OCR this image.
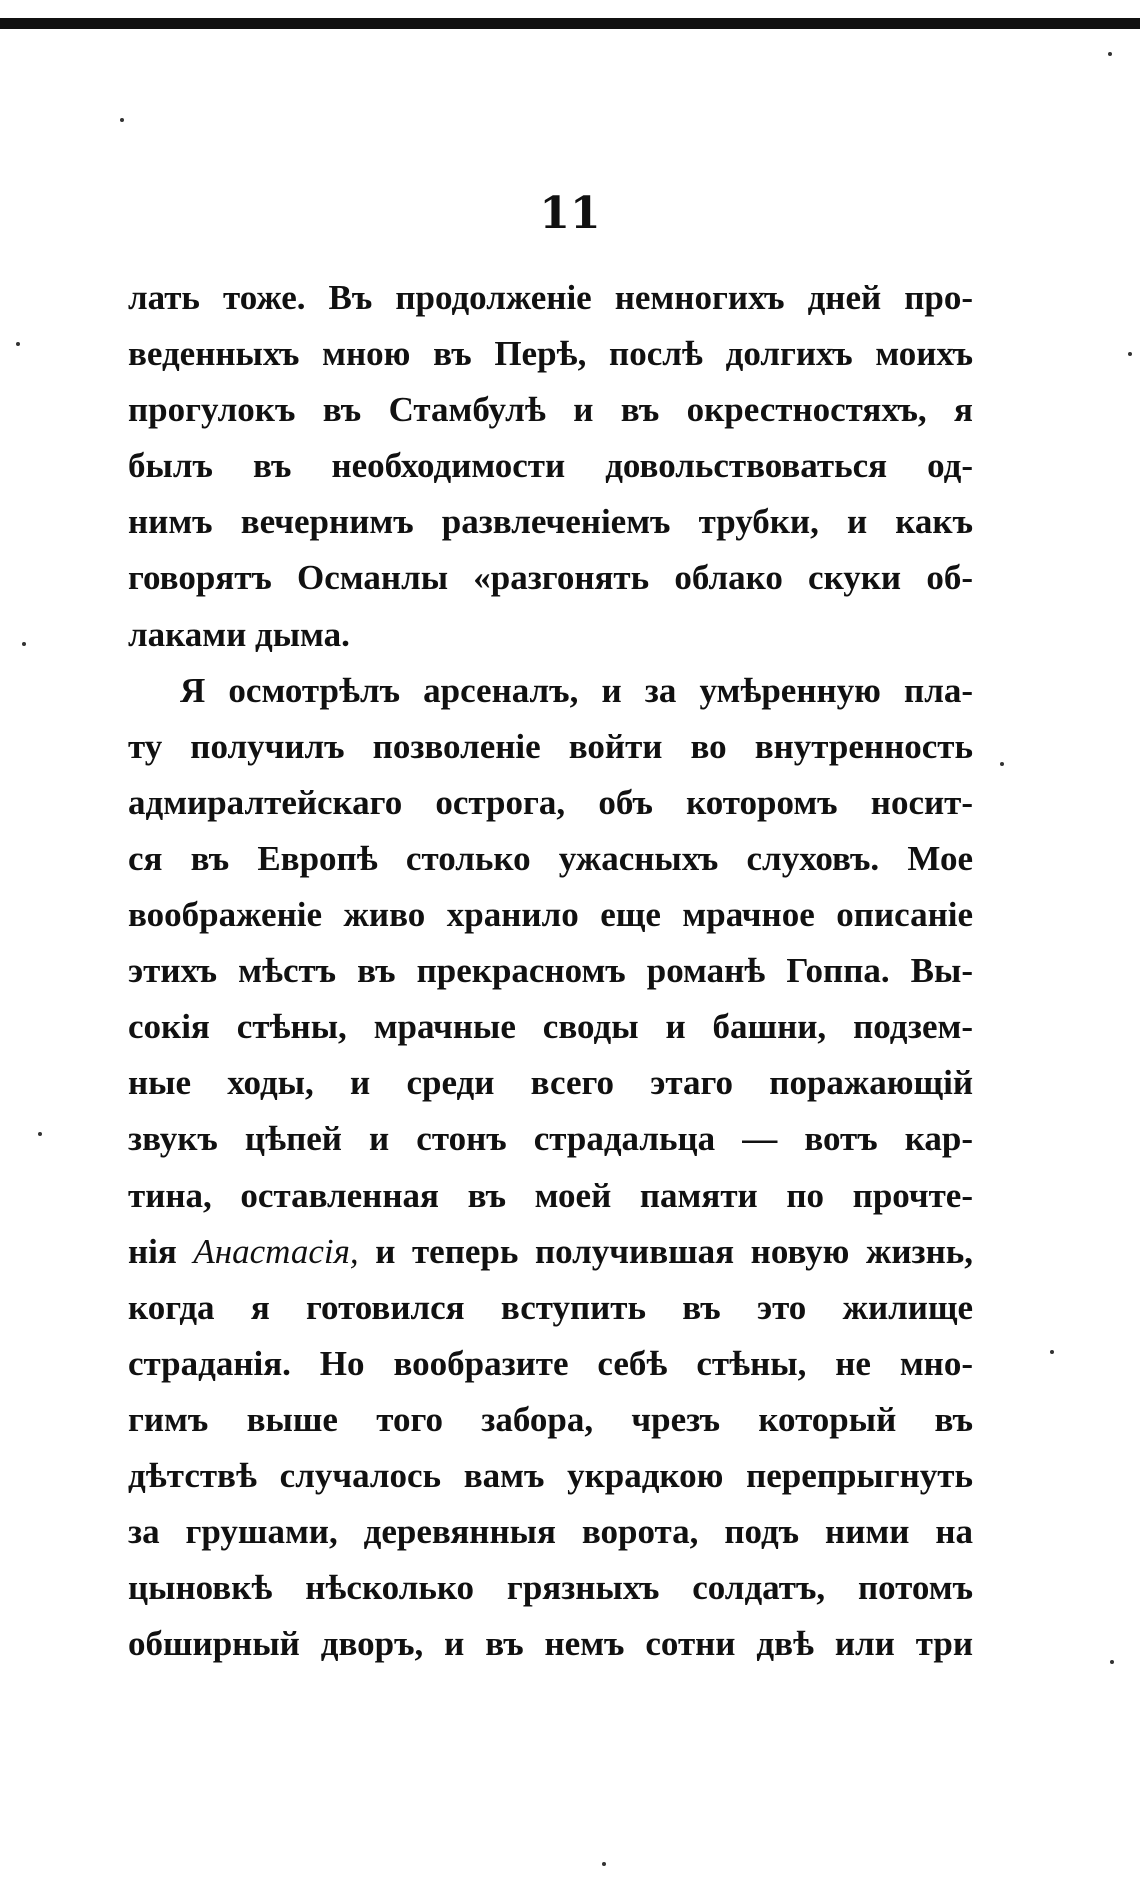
11
лать тоже. Въ продолженіе немногихъ дней про-
веденныхъ мною въ Перѣ, послѣ долгихъ моихъ
прогулокъ въ Стамбулѣ и въ окрестностяхъ, я
былъ въ необходимости довольствоваться од-
нимъ вечернимъ развлеченіемъ трубки, и какъ
говорятъ Османлы «разгонять облако скуки об-
лаками дыма.
Я осмотрѣлъ арсеналъ, и за умѣренную пла-
ту получилъ позволеніе войти во внутренность
адмиралтейскаго острога, объ которомъ носит-
ся въ Европѣ столько ужасныхъ слуховъ. Мое
воображеніе живо хранило еще мрачное описаніе
этихъ мѣстъ въ прекрасномъ романѣ Гоппа. Вы-
сокія стѣны, мрачные своды и башни, подзем-
ные ходы, и среди всего этаго поражающій
звукъ цѣпей и стонъ страдальца — вотъ кар-
тина, оставленная въ моей памяти по прочте-
нія Анастасія, и теперь получившая новую жизнь,
когда я готовился вступить въ это жилище
страданія. Но вообразите себѣ стѣны, не мно-
гимъ выше того забора, чрезъ который въ
дѣтствѣ случалось вамъ украдкою перепрыгнуть
за грушами, деревянныя ворота, подъ ними на
цыновкѣ нѣсколько грязныхъ солдатъ, потомъ
обширный дворъ, и въ немъ сотни двѣ или три
